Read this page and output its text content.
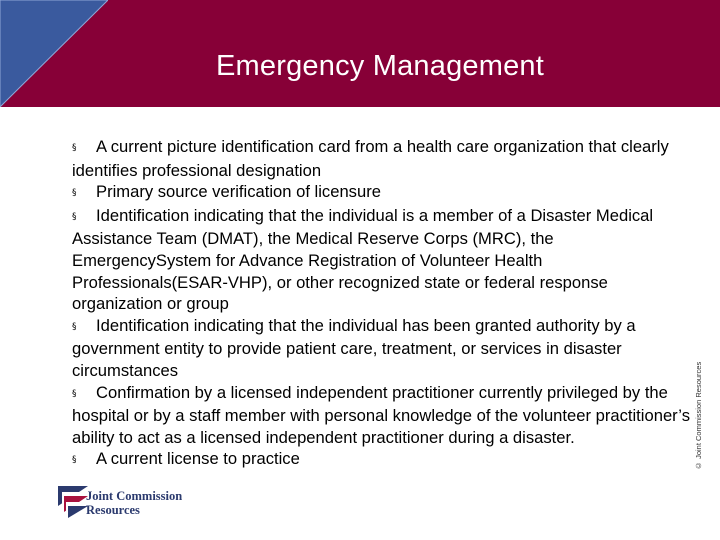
Emergency Management
§ A current picture identification card from a health care organization that clearly identifies professional designation
§ Primary source verification of licensure
§ Identification indicating that the individual is a member of a Disaster Medical Assistance Team (DMAT), the Medical Reserve Corps (MRC), the EmergencySystem for Advance Registration of Volunteer Health Professionals(ESAR-VHP), or other recognized state or federal response organization or group
§ Identification indicating that the individual has been granted authority by a government entity to provide patient care, treatment, or services in disaster circumstances
§ Confirmation by a licensed independent practitioner currently privileged by the hospital or by a staff member with personal knowledge of the volunteer practitioner’s ability to act as a licensed independent practitioner during a disaster.
§ A current license to practice	© Joint Commission Resources
Joint Commission
Resources
